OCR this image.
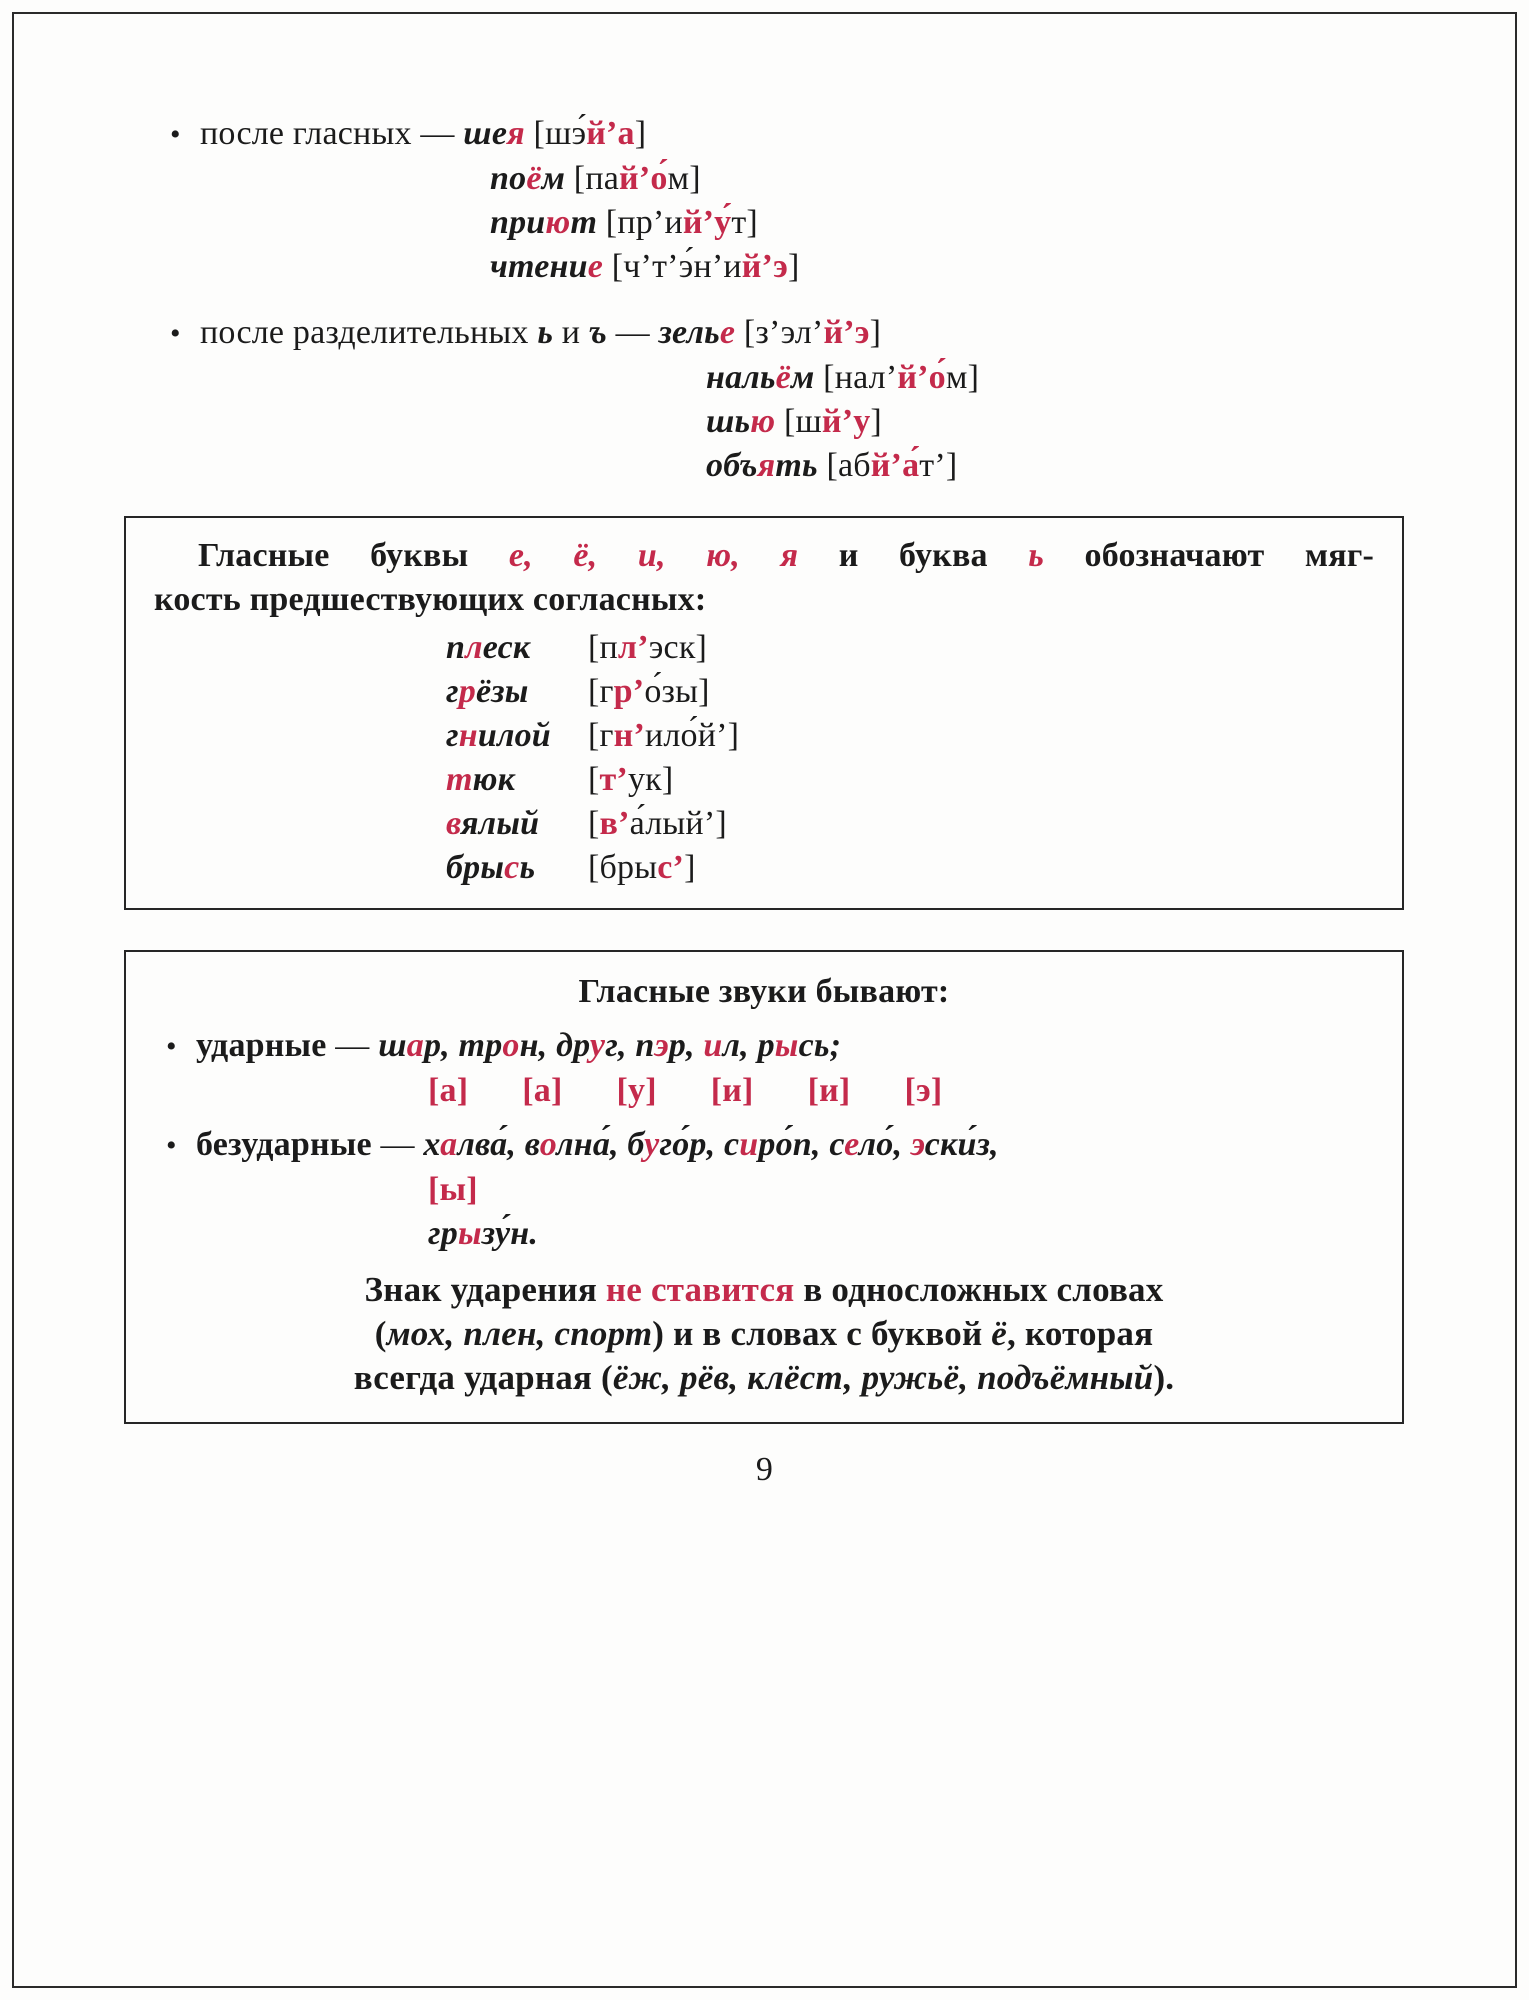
• после гласных — шея [шэ́й’а]
поём [пай’о́м]
приют [пр’ий’у́т]
чтение [ч’т’э́н’ий’э]
• после разделительных ь и ъ — зелье [з’эл’й’э]
нальём [нал’й’о́м]
шью [шй’у]
объять [абй’а́т’]
Гласные буквы е, ё, и, ю, я и буква ь обозначают мяг-
кость предшествующих согласных:
плеск	[пл’эск]
грёзы	[гр’о́зы]
гнилой	[гн’ило́й’]
тюк	[т’ук]
вялый	[в’а́лый’]
брысь	[брыс’]
Гласные звуки бывают:
• ударные — шар, трон, друг, пэр, ил, рысь;
[а] [а] [у] [и] [и] [э]
• безударные — халва́, волна́, буго́р, сиро́п, село́, эски́з,
[ы]
грызу́н.
Знак ударения не ставится в односложных словах
(мох, плен, спорт) и в словах с буквой ё, которая
всегда ударная (ёж, рёв, клёст, ружьё, подъёмный).
9
